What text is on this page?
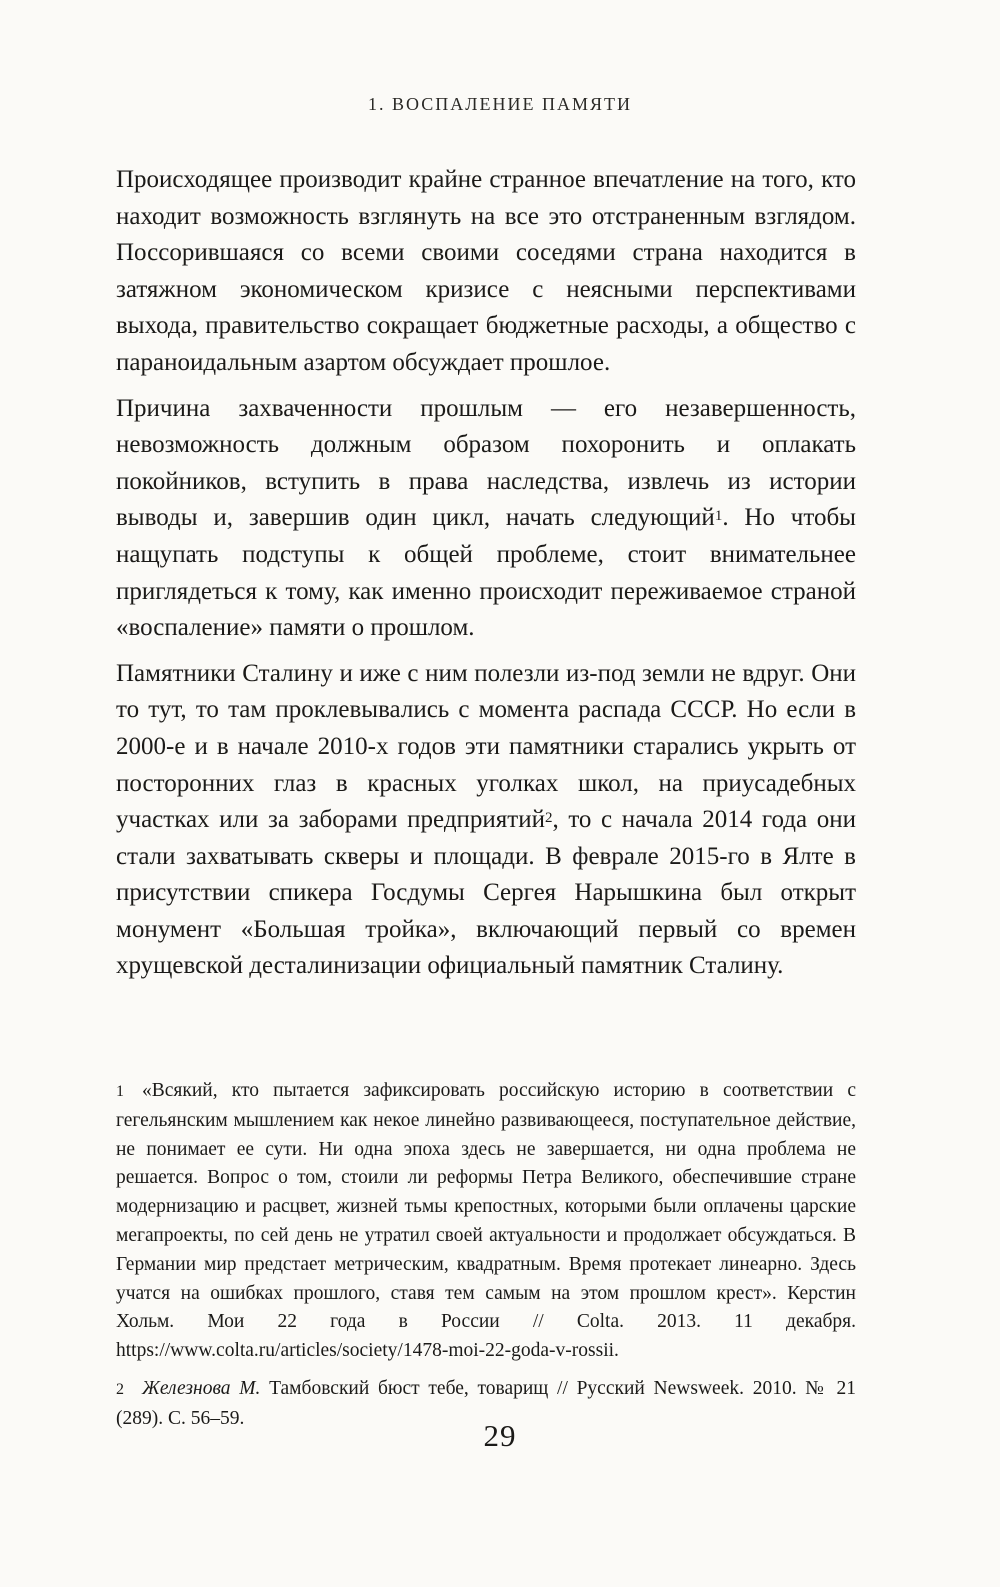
1. ВОСПАЛЕНИЕ ПАМЯТИ

Происходящее производит крайне странное впечатление на того, кто находит возможность взглянуть на все это отстраненным взглядом. Поссорившаяся со всеми своими соседями страна находится в затяжном экономическом кризисе с неясными перспективами выхода, правительство сокращает бюджетные расходы, а общество с параноидальным азартом обсуждает прошлое.

Причина захваченности прошлым — его незавершенность, невозможность должным образом похоронить и оплакать покойников, вступить в права наследства, извлечь из истории выводы и, завершив один цикл, начать следующий$^1$. Но чтобы нащупать подступы к общей проблеме, стоит внимательнее приглядеться к тому, как именно происходит переживаемое страной «воспаление» памяти о прошлом.

Памятники Сталину и иже с ним полезли из-под земли не вдруг. Они то тут, то там проклевывались с момента распада СССР. Но если в 2000-е и в начале 2010-х годов эти памятники старались укрыть от посторонних глаз в красных уголках школ, на приусадебных участках или за заборами предприятий$^2$, то с начала 2014 года они стали захватывать скверы и площади. В феврале 2015-го в Ялте в присутствии спикера Госдумы Сергея Нарышкина был открыт монумент «Большая тройка», включающий первый со времен хрущевской десталинизации официальный памятник Сталину.

1 «Всякий, кто пытается зафиксировать российскую историю в соответствии с гегельянским мышлением как некое линейно развивающееся, поступательное действие, не понимает ее сути. Ни одна эпоха здесь не завершается, ни одна проблема не решается. Вопрос о том, стоили ли реформы Петра Великого, обеспечившие стране модернизацию и расцвет, жизней тьмы крепостных, которыми были оплачены царские мегапроекты, по сей день не утратил своей актуальности и продолжает обсуждаться. В Германии мир предстает метрическим, квадратным. Время протекает линеарно. Здесь учатся на ошибках прошлого, ставя тем самым на этом прошлом крест». Керстин Хольм. Мои 22 года в России // Colta. 2013. 11 декабря. https://www.colta.ru/articles/society/1478-moi-22-goda-v-rossii.

2 Железнова М. Тамбовский бюст тебе, товарищ // Русский Newsweek. 2010. № 21 (289). С. 56–59.	29
